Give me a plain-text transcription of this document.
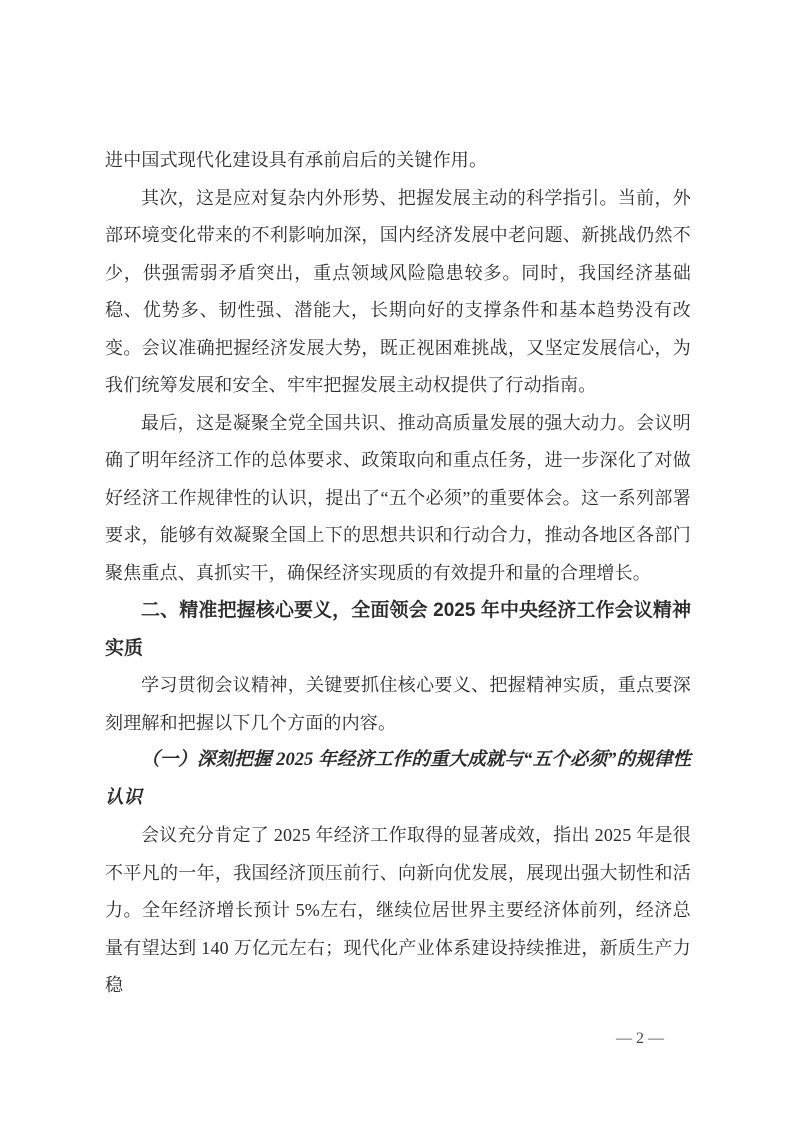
进中国式现代化建设具有承前启后的关键作用。

其次，这是应对复杂内外形势、把握发展主动的科学指引。当前，外部环境变化带来的不利影响加深，国内经济发展中老问题、新挑战仍然不少，供强需弱矛盾突出，重点领域风险隐患较多。同时，我国经济基础稳、优势多、韧性强、潜能大，长期向好的支撑条件和基本趋势没有改变。会议准确把握经济发展大势，既正视困难挑战，又坚定发展信心，为我们统筹发展和安全、牢牢把握发展主动权提供了行动指南。

最后，这是凝聚全党全国共识、推动高质量发展的强大动力。会议明确了明年经济工作的总体要求、政策取向和重点任务，进一步深化了对做好经济工作规律性的认识，提出了“五个必须”的重要体会。这一系列部署要求，能够有效凝聚全国上下的思想共识和行动合力，推动各地区各部门聚焦重点、真抓实干，确保经济实现质的有效提升和量的合理增长。

二、精准把握核心要义，全面领会 2025 年中央经济工作会议精神实质

学习贯彻会议精神，关键要抓住核心要义、把握精神实质，重点要深刻理解和把握以下几个方面的内容。

（一）深刻把握 2025 年经济工作的重大成就与“五个必须”的规律性认识

会议充分肯定了 2025 年经济工作取得的显著成效，指出 2025 年是很不平凡的一年，我国经济顶压前行、向新向优发展，展现出强大韧性和活力。全年经济增长预计 5%左右，继续位居世界主要经济体前列，经济总量有望达到 140 万亿元左右；现代化产业体系建设持续推进，新质生产力稳

— 2 —
